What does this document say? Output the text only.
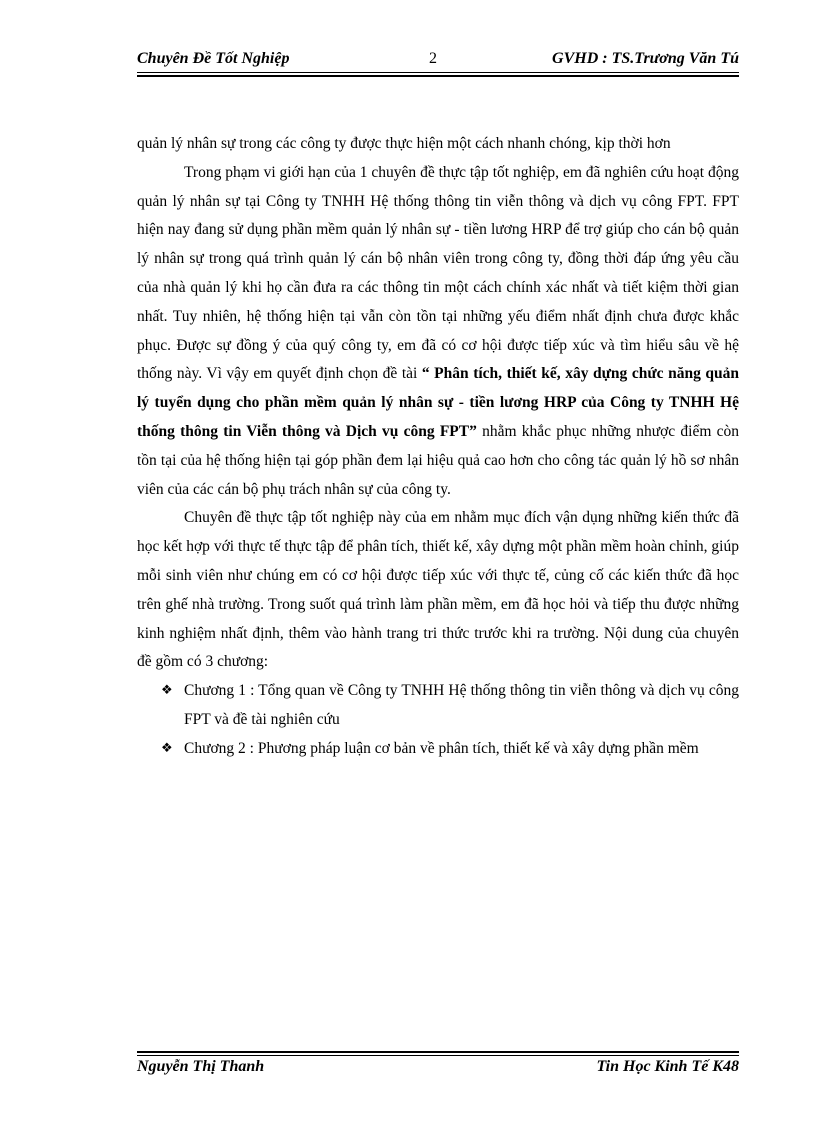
Chuyên Đề Tốt Nghiệp	2	GVHD : TS.Trương Văn Tú

quản lý nhân sự trong các công ty được thực hiện một cách nhanh chóng, kịp thời hơn

Trong phạm vi giới hạn của 1 chuyên đề thực tập tốt nghiệp, em đã nghiên cứu hoạt động quản lý nhân sự tại Công ty TNHH Hệ thống thông tin viễn thông và dịch vụ công FPT. FPT hiện nay đang sử dụng phần mềm quản lý nhân sự - tiền lương HRP để trợ giúp cho cán bộ quản lý nhân sự trong quá trình quản lý cán bộ nhân viên trong công ty, đồng thời đáp ứng yêu cầu của nhà quản lý khi họ cần đưa ra các thông tin một cách chính xác nhất và tiết kiệm thời gian nhất. Tuy nhiên, hệ thống hiện tại vẫn còn tồn tại những yếu điểm nhất định chưa được khắc phục. Được sự đồng ý của quý công ty, em đã có cơ hội được tiếp xúc và tìm hiểu sâu về hệ thống này. Vì vậy em quyết định chọn đề tài “ Phân tích, thiết kế, xây dựng chức năng quản lý tuyển dụng cho phần mềm quản lý nhân sự - tiền lương HRP của Công ty TNHH Hệ thống thông tin Viễn thông và Dịch vụ công FPT” nhằm khắc phục những nhược điểm còn tồn tại của hệ thống hiện tại góp phần đem lại hiệu quả cao hơn cho công tác quản lý hồ sơ nhân viên của các cán bộ phụ trách nhân sự của công ty.

Chuyên đề thực tập tốt nghiệp này của em nhằm mục đích vận dụng những kiến thức đã học kết hợp với thực tế thực tập để phân tích, thiết kế, xây dựng một phần mềm hoàn chỉnh, giúp mỗi sinh viên như chúng em có cơ hội được tiếp xúc với thực tế, củng cố các kiến thức đã học trên ghế nhà trường. Trong suốt quá trình làm phần mềm, em đã học hỏi và tiếp thu được những kinh nghiệm nhất định, thêm vào hành trang tri thức trước khi ra trường. Nội dung của chuyên đề gồm có 3 chương:

❖ Chương 1 : Tổng quan về Công ty TNHH Hệ thống thông tin viễn thông và dịch vụ công FPT và đề tài nghiên cứu
❖ Chương 2 : Phương pháp luận cơ bản về phân tích, thiết kế và xây dựng phần mềm
Nguyễn Thị Thanh	Tin Học Kinh Tế K48
